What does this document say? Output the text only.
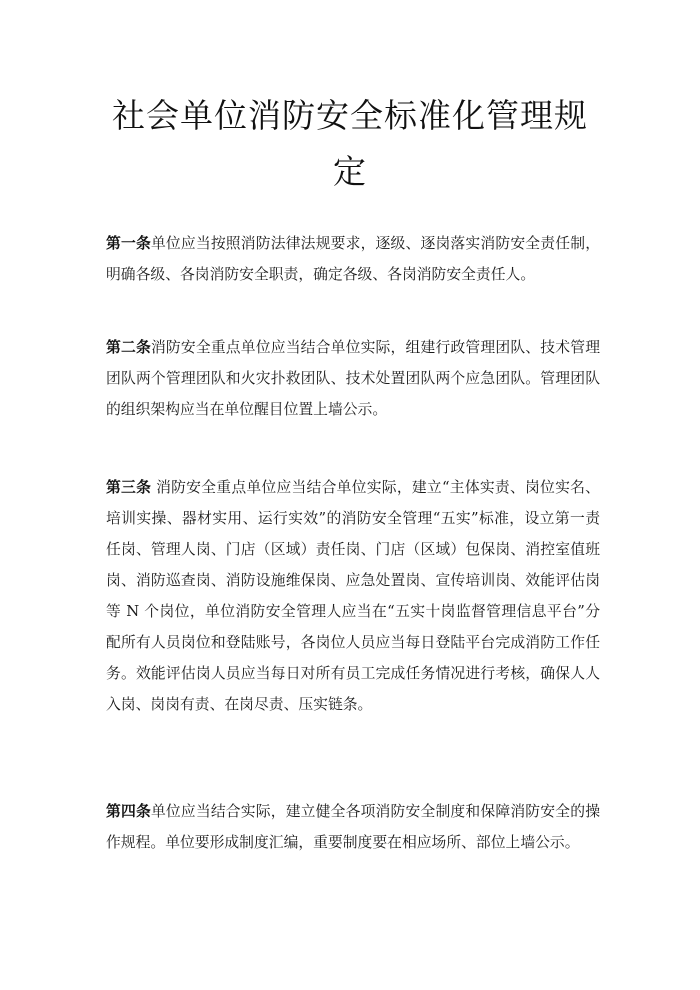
社会单位消防安全标准化管理规定

第一条单位应当按照消防法律法规要求，逐级、逐岗落实消防安全责任制，明确各级、各岗消防安全职责，确定各级、各岗消防安全责任人。

第二条消防安全重点单位应当结合单位实际，组建行政管理团队、技术管理团队两个管理团队和火灾扑救团队、技术处置团队两个应急团队。管理团队的组织架构应当在单位醒目位置上墙公示。

第三条 消防安全重点单位应当结合单位实际，建立“主体实责、岗位实名、培训实操、器材实用、运行实效”的消防安全管理“五实”标准，设立第一责任岗、管理人岗、门店（区域）责任岗、门店（区域）包保岗、消控室值班岗、消防巡查岗、消防设施维保岗、应急处置岗、宣传培训岗、效能评估岗等 N 个岗位，单位消防安全管理人应当在“五实十岗监督管理信息平台”分配所有人员岗位和登陆账号，各岗位人员应当每日登陆平台完成消防工作任务。效能评估岗人员应当每日对所有员工完成任务情况进行考核，确保人人入岗、岗岗有责、在岗尽责、压实链条。

第四条单位应当结合实际，建立健全各项消防安全制度和保障消防安全的操作规程。单位要形成制度汇编，重要制度要在相应场所、部位上墙公示。
